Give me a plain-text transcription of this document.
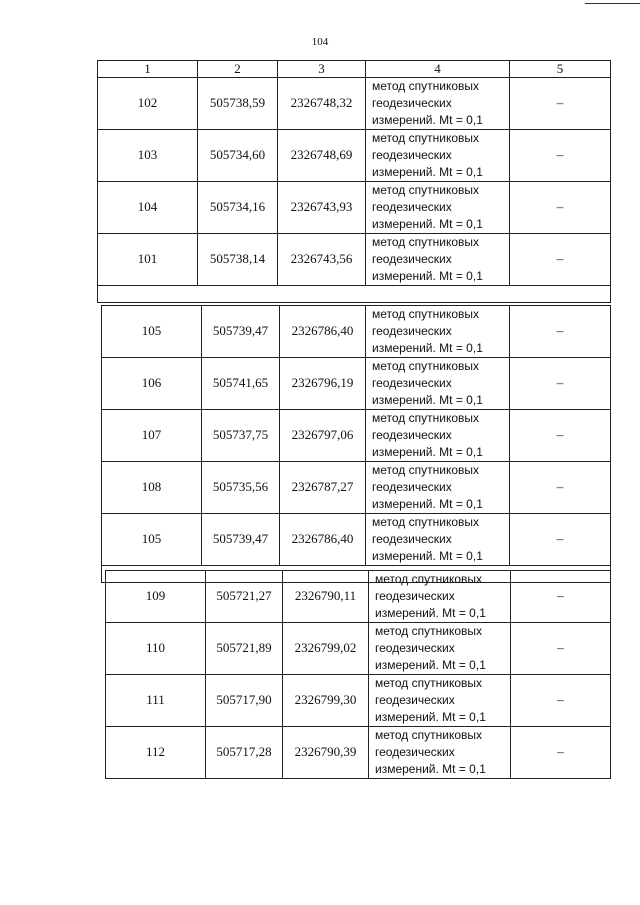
104
1	2	3	4	5
102	505738,59	2326748,32	метод спутниковых
геодезических
измерений. Mt = 0,1	–
103	505734,60	2326748,69	метод спутниковых
геодезических
измерений. Mt = 0,1	–
104	505734,16	2326743,93	метод спутниковых
геодезических
измерений. Mt = 0,1	–
101	505738,14	2326743,56	метод спутниковых
геодезических
измерений. Mt = 0,1	–

105	505739,47	2326786,40	метод спутниковых
геодезических
измерений. Mt = 0,1	–
106	505741,65	2326796,19	метод спутниковых
геодезических
измерений. Mt = 0,1	–
107	505737,75	2326797,06	метод спутниковых
геодезических
измерений. Mt = 0,1	–
108	505735,56	2326787,27	метод спутниковых
геодезических
измерений. Mt = 0,1	–
105	505739,47	2326786,40	метод спутниковых
геодезических
измерений. Mt = 0,1	–

109	505721,27	2326790,11	метод спутниковых
геодезических
измерений. Mt = 0,1	–
110	505721,89	2326799,02	метод спутниковых
геодезических
измерений. Mt = 0,1	–
111	505717,90	2326799,30	метод спутниковых
геодезических
измерений. Mt = 0,1	–
112	505717,28	2326790,39	метод спутниковых
геодезических
измерений. Mt = 0,1	–
